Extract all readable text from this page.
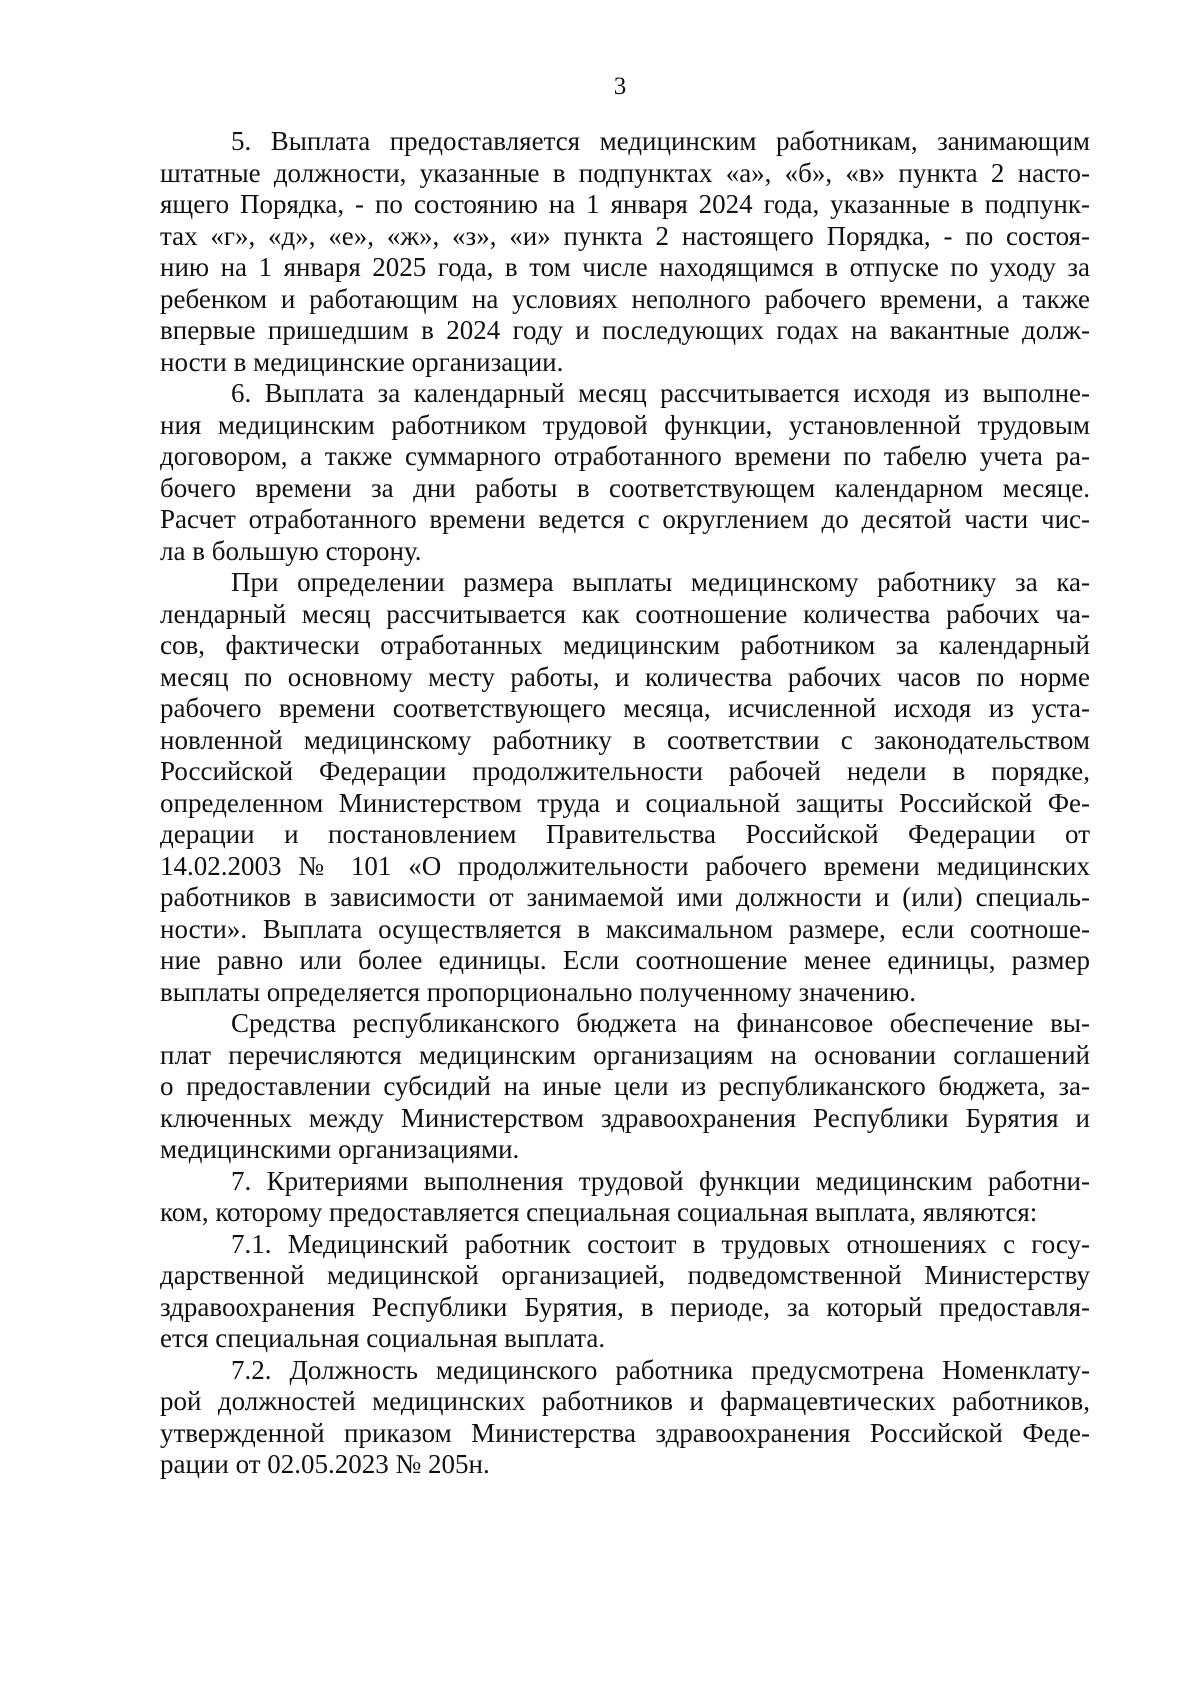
3
5. Выплата предоставляется медицинским работникам, занимающим
штатные должности, указанные в подпунктах «а», «б», «в» пункта 2 насто-
ящего Порядка, - по состоянию на 1 января 2024 года, указанные в подпунк-
тах «г», «д», «е», «ж», «з», «и» пункта 2 настоящего Порядка, - по состоя-
нию на 1 января 2025 года, в том числе находящимся в отпуске по уходу за
ребенком и работающим на условиях неполного рабочего времени, а также
впервые пришедшим в 2024 году и последующих годах на вакантные долж-
ности в медицинские организации.
6. Выплата за календарный месяц рассчитывается исходя из выполне-
ния медицинским работником трудовой функции, установленной трудовым
договором, а также суммарного отработанного времени по табелю учета ра-
бочего времени за дни работы в соответствующем календарном месяце.
Расчет отработанного времени ведется с округлением до десятой части чис-
ла в большую сторону.
При определении размера выплаты медицинскому работнику за ка-
лендарный месяц рассчитывается как соотношение количества рабочих ча-
сов, фактически отработанных медицинским работником за календарный
месяц по основному месту работы, и количества рабочих часов по норме
рабочего времени соответствующего месяца, исчисленной исходя из уста-
новленной медицинскому работнику в соответствии с законодательством
Российской Федерации продолжительности рабочей недели в порядке,
определенном Министерством труда и социальной защиты Российской Фе-
дерации и постановлением Правительства Российской Федерации от
14.02.2003 № 101 «О продолжительности рабочего времени медицинских
работников в зависимости от занимаемой ими должности и (или) специаль-
ности». Выплата осуществляется в максимальном размере, если соотноше-
ние равно или более единицы. Если соотношение менее единицы, размер
выплаты определяется пропорционально полученному значению.
Средства республиканского бюджета на финансовое обеспечение вы-
плат перечисляются медицинским организациям на основании соглашений
о предоставлении субсидий на иные цели из республиканского бюджета, за-
ключенных между Министерством здравоохранения Республики Бурятия и
медицинскими организациями.
7. Критериями выполнения трудовой функции медицинским работни-
ком, которому предоставляется специальная социальная выплата, являются:
7.1. Медицинский работник состоит в трудовых отношениях с госу-
дарственной медицинской организацией, подведомственной Министерству
здравоохранения Республики Бурятия, в периоде, за который предоставля-
ется специальная социальная выплата.
7.2. Должность медицинского работника предусмотрена Номенклату-
рой должностей медицинских работников и фармацевтических работников,
утвержденной приказом Министерства здравоохранения Российской Феде-
рации от 02.05.2023 № 205н.
